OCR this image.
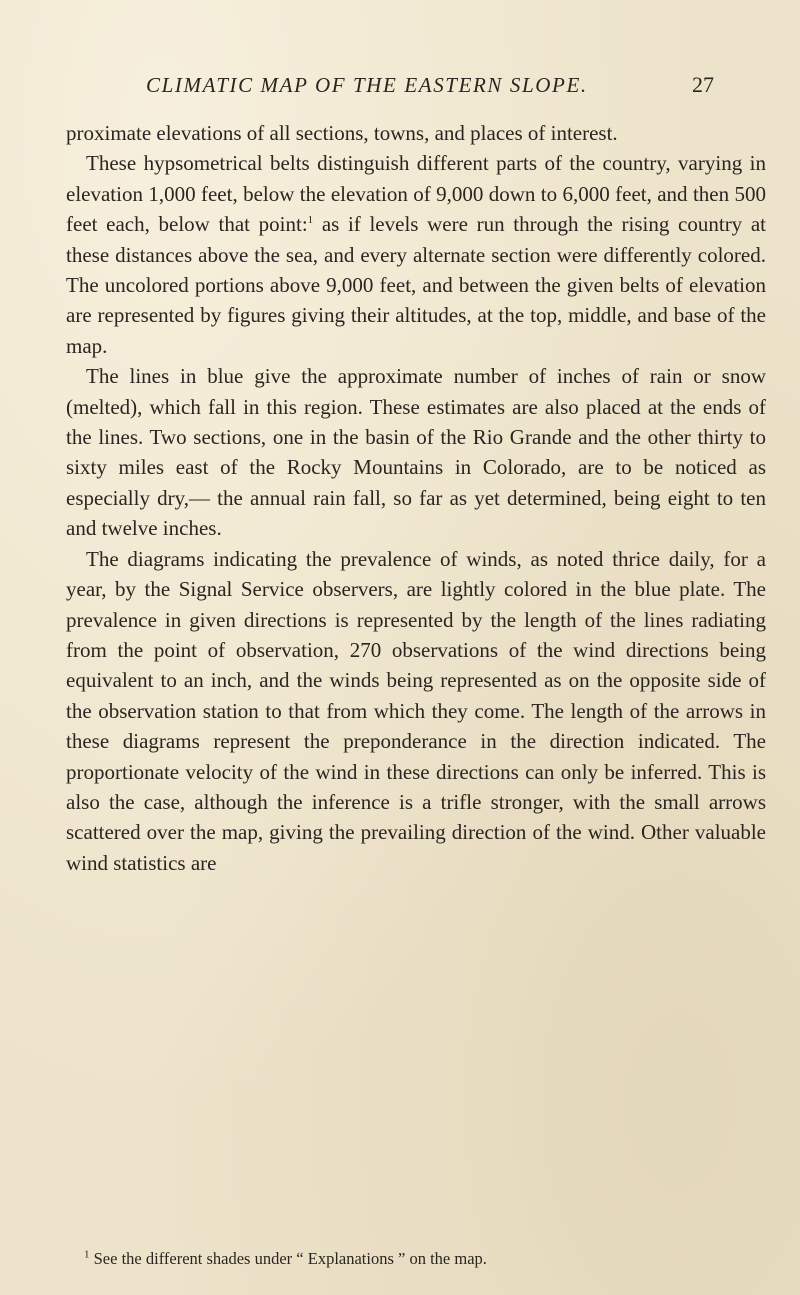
CLIMATIC MAP OF THE EASTERN SLOPE.	27

proximate elevations of all sections, towns, and places of interest.

These hypsometrical belts distinguish different parts of the country, varying in elevation 1,000 feet, below the elevation of 9,000 down to 6,000 feet, and then 500 feet each, below that point:$^1$ as if levels were run through the rising country at these distances above the sea, and every alternate section were differently colored. The uncolored portions above 9,000 feet, and between the given belts of elevation are represented by figures giving their altitudes, at the top, middle, and base of the map.

The lines in blue give the approximate number of inches of rain or snow (melted), which fall in this region. These estimates are also placed at the ends of the lines. Two sections, one in the basin of the Rio Grande and the other thirty to sixty miles east of the Rocky Mountains in Colorado, are to be noticed as especially dry,— the annual rain fall, so far as yet determined, being eight to ten and twelve inches.

The diagrams indicating the prevalence of winds, as noted thrice daily, for a year, by the Signal Service observers, are lightly colored in the blue plate. The prevalence in given directions is represented by the length of the lines radiating from the point of observation, 270 observations of the wind directions being equivalent to an inch, and the winds being represented as on the opposite side of the observation station to that from which they come. The length of the arrows in these diagrams represent the preponderance in the direction indicated. The proportionate velocity of the wind in these directions can only be inferred. This is also the case, although the inference is a trifle stronger, with the small arrows scattered over the map, giving the prevailing direction of the wind. Other valuable wind statistics are

$^1$ See the different shades under “ Explanations ” on the map.
